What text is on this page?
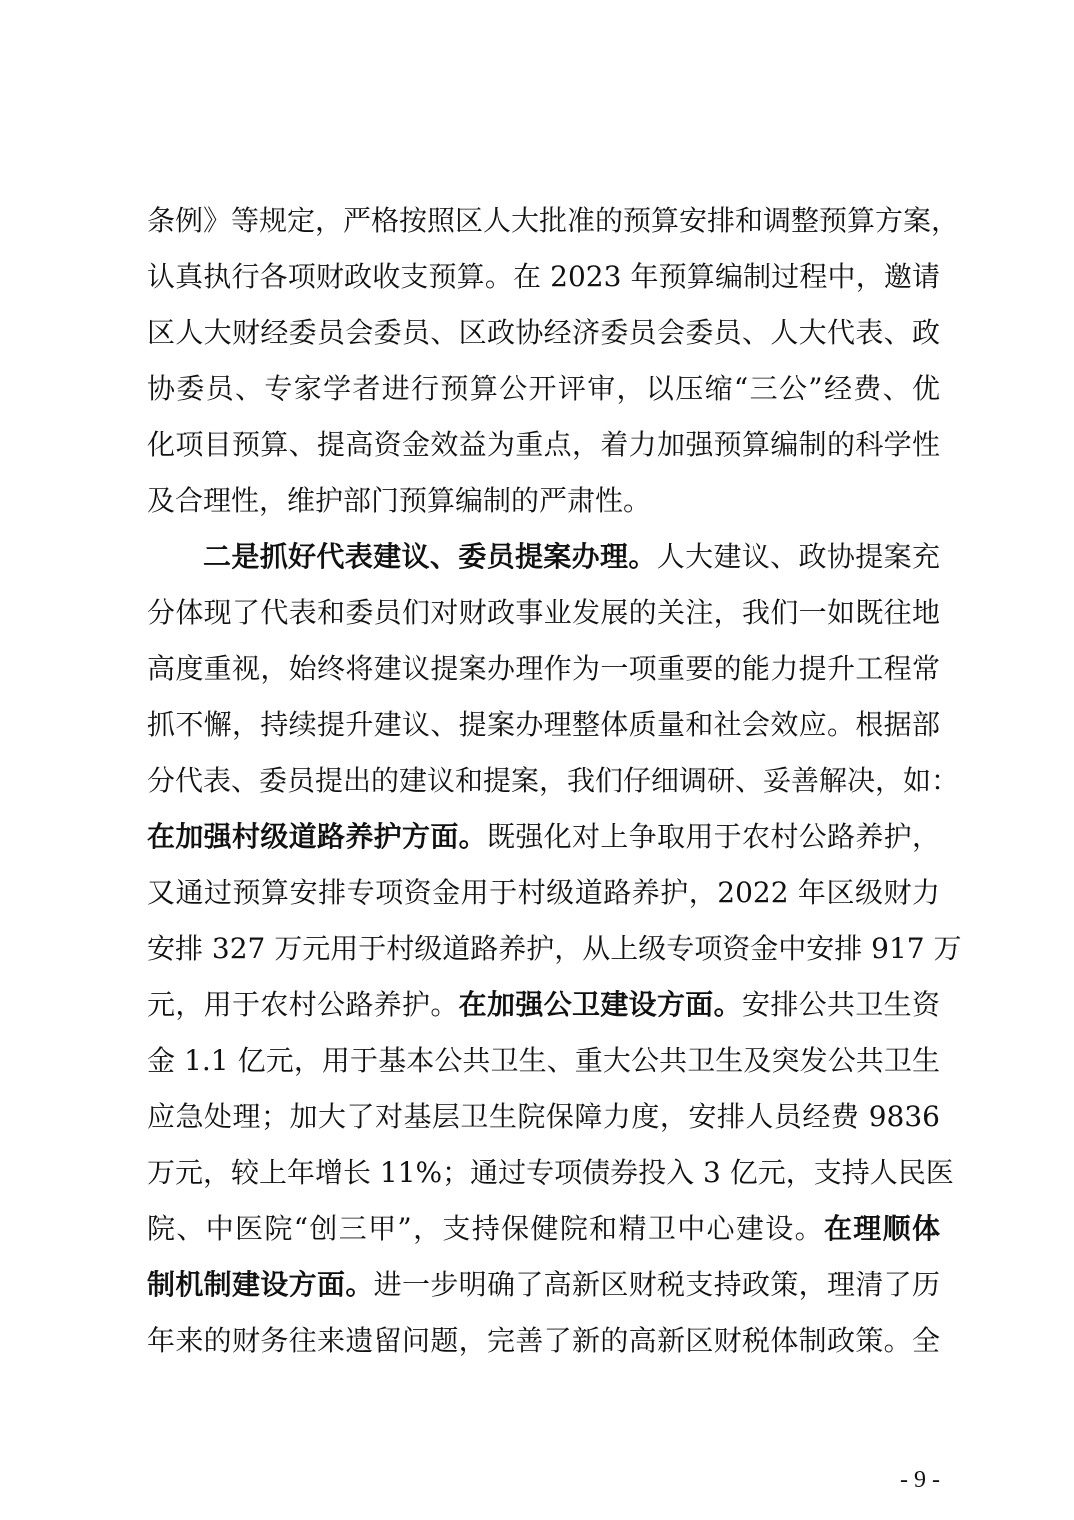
条例》等规定，严格按照区人大批准的预算安排和调整预算方案，
认真执行各项财政收支预算。在 2023 年预算编制过程中，邀请
区人大财经委员会委员、区政协经济委员会委员、人大代表、政
协委员、专家学者进行预算公开评审，以压缩“三公”经费、优
化项目预算、提高资金效益为重点，着力加强预算编制的科学性
及合理性，维护部门预算编制的严肃性。
二是抓好代表建议、委员提案办理。人大建议、政协提案充
分体现了代表和委员们对财政事业发展的关注，我们一如既往地
高度重视，始终将建议提案办理作为一项重要的能力提升工程常
抓不懈，持续提升建议、提案办理整体质量和社会效应。根据部
分代表、委员提出的建议和提案，我们仔细调研、妥善解决，如：
在加强村级道路养护方面。既强化对上争取用于农村公路养护，
又通过预算安排专项资金用于村级道路养护，2022 年区级财力
安排 327 万元用于村级道路养护，从上级专项资金中安排 917 万
元，用于农村公路养护。在加强公卫建设方面。安排公共卫生资
金 1.1 亿元，用于基本公共卫生、重大公共卫生及突发公共卫生
应急处理；加大了对基层卫生院保障力度，安排人员经费 9836
万元，较上年增长 11%；通过专项债券投入 3 亿元，支持人民医
院、中医院“创三甲”，支持保健院和精卫中心建设。在理顺体
制机制建设方面。进一步明确了高新区财税支持政策，理清了历
年来的财务往来遗留问题，完善了新的高新区财税体制政策。全
- 9 -
